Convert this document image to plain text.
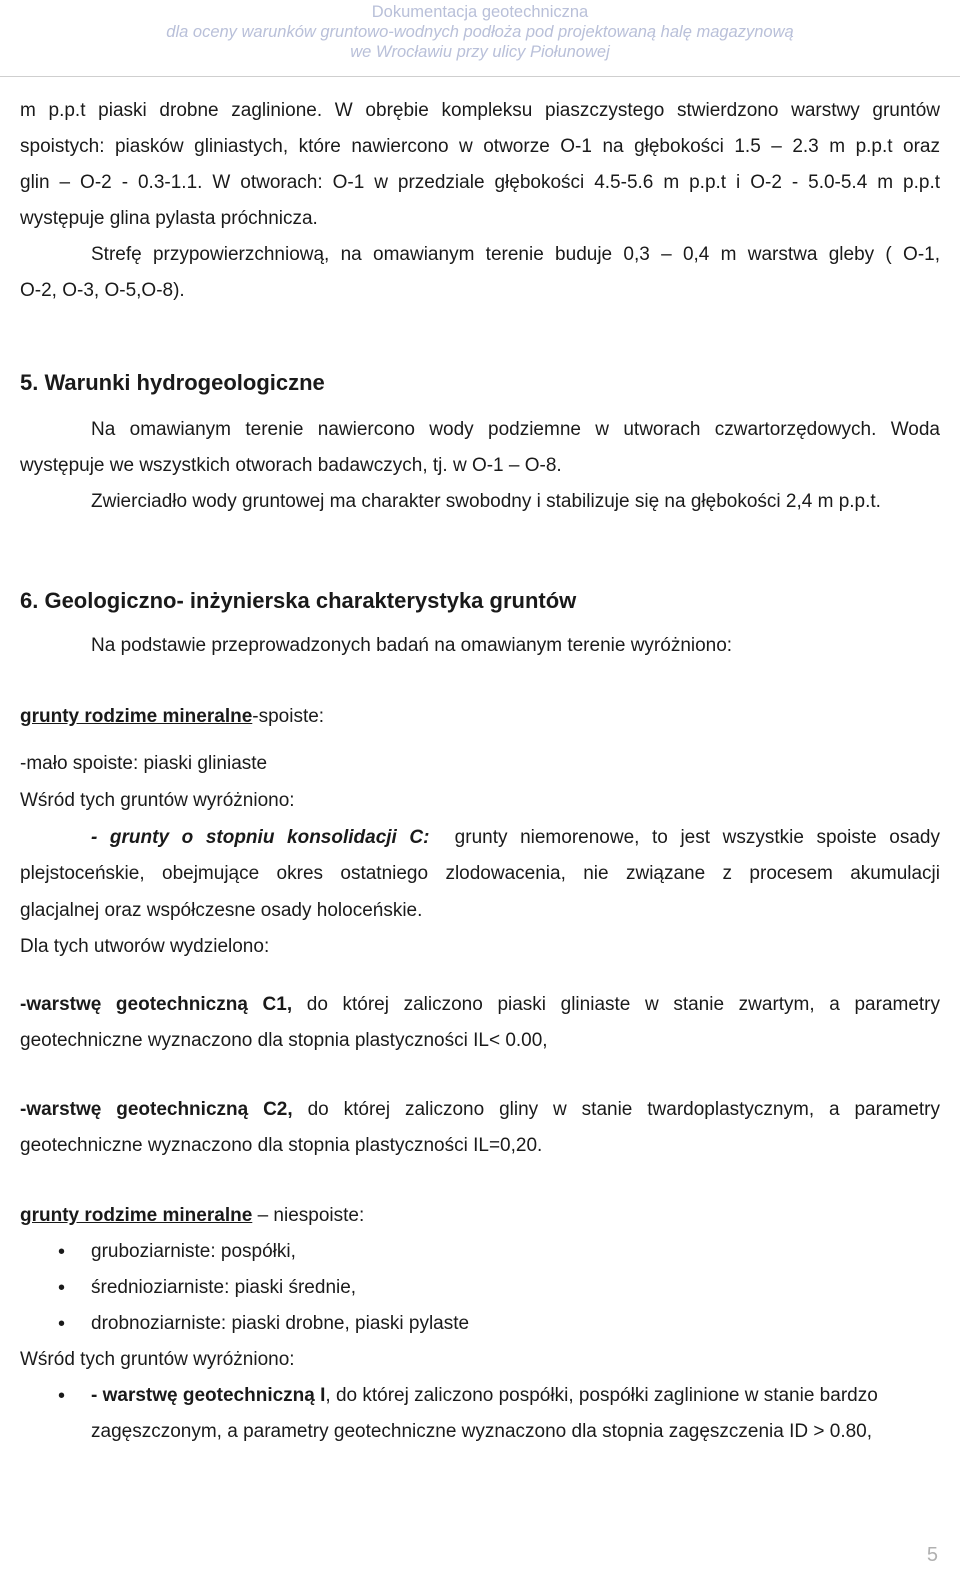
Dokumentacja geotechniczna
dla oceny warunków gruntowo-wodnych podłoża pod projektowaną halę magazynową
we Wrocławiu przy ulicy Piołunowej

m p.p.t piaski drobne zaglinione. W obrębie kompleksu piaszczystego stwierdzono warstwy gruntów

spoistych: piasków gliniastych, które nawiercono w otworze O-1 na głębokości 1.5 – 2.3 m p.p.t oraz

glin – O-2 - 0.3-1.1. W otworach: O-1 w przedziale głębokości 4.5-5.6 m p.p.t i O-2 - 5.0-5.4 m p.p.t

występuje glina pylasta próchnicza.

Strefę przypowierzchniową, na omawianym terenie buduje 0,3 – 0,4 m warstwa gleby ( O-1,

O-2, O-3, O-5,O-8).

5. Warunki hydrogeologiczne

Na omawianym terenie nawiercono wody podziemne w utworach czwartorzędowych. Woda

występuje we wszystkich otworach badawczych, tj. w O-1 – O-8.

Zwierciadło wody gruntowej ma charakter swobodny i stabilizuje się na głębokości 2,4 m p.p.t.

6. Geologiczno- inżynierska charakterystyka gruntów

Na podstawie przeprowadzonych badań na omawianym terenie wyróżniono:

grunty rodzime mineralne-spoiste:

-mało spoiste: piaski gliniaste

Wśród tych gruntów wyróżniono:

- grunty o stopniu konsolidacji C: grunty niemorenowe, to jest wszystkie spoiste osady

plejstoceńskie, obejmujące okres ostatniego zlodowacenia, nie związane z procesem akumulacji

glacjalnej oraz współczesne osady holoceńskie.

Dla tych utworów wydzielono:

-warstwę geotechniczną C1, do której zaliczono piaski gliniaste w stanie zwartym, a parametry

geotechniczne wyznaczono dla stopnia plastyczności IL< 0.00,

-warstwę geotechniczną C2, do której zaliczono gliny w stanie twardoplastycznym, a parametry

geotechniczne wyznaczono dla stopnia plastyczności IL=0,20.

grunty rodzime mineralne – niespoiste:

• gruboziarniste: pospółki,

• średnioziarniste: piaski średnie,

• drobnoziarniste: piaski drobne, piaski pylaste

Wśród tych gruntów wyróżniono:

• - warstwę geotechniczną I, do której zaliczono pospółki, pospółki zaglinione w stanie bardzo

zagęszczonym, a parametry geotechniczne wyznaczono dla stopnia zagęszczenia ID > 0.80,

5
